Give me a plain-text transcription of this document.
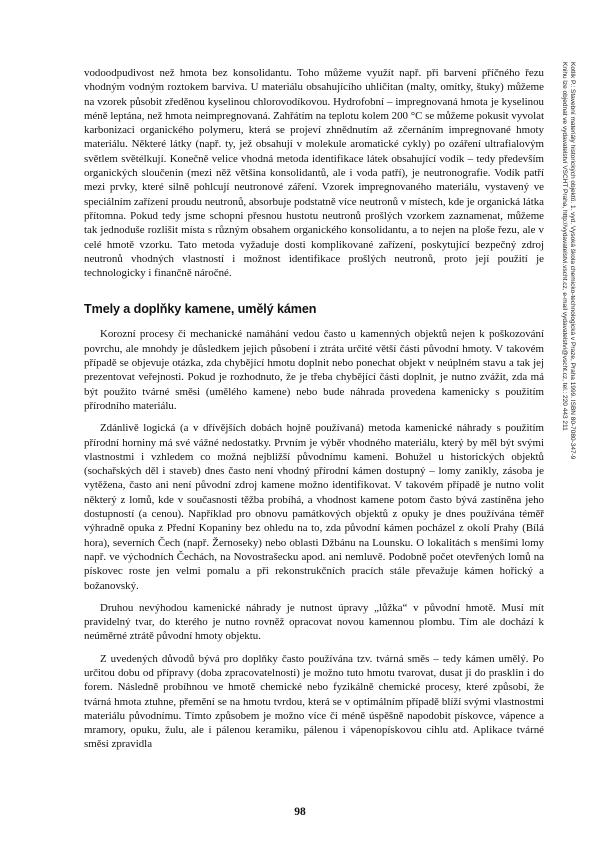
vodoodpudivost než hmota bez konsolidantu. Toho můžeme využít např. při barvení příčného řezu vhodným vodným roztokem barviva. U materiálu obsahujícího uhličitan (malty, omítky, štuky) můžeme na vzorek působit zředěnou kyselinou chlorovodíkovou. Hydrofobní – impregnovaná hmota je kyselinou méně leptána, než hmota neimpregnovaná. Zahřátím na teplotu kolem 200 °C se můžeme pokusit vyvolat karbonizaci organického polymeru, která se projeví zhnědnutím až zčernáním impregnované hmoty materiálu. Některé látky (např. ty, jež obsahují v molekule aromatické cykly) po ozáření ultrafialovým světlem světélkují. Konečně velice vhodná metoda identifikace látek obsahující vodík – tedy především organických sloučenin (mezi něž většina konsolidantů, ale i voda patří), je neutronografie. Vodík patří mezi prvky, které silně pohlcují neutronové záření. Vzorek impregnovaného materiálu, vystavený ve speciálním zařízení proudu neutronů, absorbuje podstatně více neutronů v místech, kde je organická látka přítomna. Pokud tedy jsme schopni přesnou hustotu neutronů prošlých vzorkem zaznamenat, můžeme tak jednoduše rozlišit místa s různým obsahem organického konsolidantu, a to nejen na ploše řezu, ale v celé hmotě vzorku. Tato metoda vyžaduje dosti komplikované zařízení, poskytující bezpečný zdroj neutronů vhodných vlastností i možnost identifikace prošlých neutronů, proto její použití je technologicky i finančně náročné.

Tmely a doplňky kamene, umělý kámen

Korozní procesy či mechanické namáhání vedou často u kamenných objektů nejen k poškozování povrchu, ale mnohdy je důsledkem jejich působení i ztráta určité větší části původní hmoty. V takovém případě se objevuje otázka, zda chybějící hmotu doplnit nebo ponechat objekt v neúplném stavu a tak jej prezentovat veřejnosti. Pokud je rozhodnuto, že je třeba chybějící části doplnit, je nutno zvážit, zda má být použito tvárné směsi (umělého kamene) nebo bude náhrada provedena kamenicky s použitím přírodního materiálu.

Zdánlivě logická (a v dřívějších dobách hojně používaná) metoda kamenické náhrady s použitím přírodní horniny má své vážné nedostatky. Prvním je výběr vhodného materiálu, který by měl být svými vlastnostmi i vzhledem co možná nejbližší původnímu kameni. Bohužel u historických objektů (sochařských děl i staveb) dnes často není vhodný přírodní kámen dostupný – lomy zanikly, zásoba je vytěžena, často ani není původní zdroj kamene možno identifikovat. V takovém případě je nutno volit některý z lomů, kde v současnosti těžba probíhá, a vhodnost kamene potom často bývá zastíněna jeho dostupností (a cenou). Například pro obnovu památkových objektů z opuky je dnes používána téměř výhradně opuka z Přední Kopaniny bez ohledu na to, zda původní kámen pocházel z okolí Prahy (Bílá hora), severních Čech (např. Žernoseky) nebo oblasti Džbánu na Lounsku. O lokalitách s menšími lomy např. ve východních Čechách, na Novostrašecku apod. ani nemluvě. Podobně počet otevřených lomů na pískovec roste jen velmi pomalu a při rekonstrukčních pracích stále převažuje kámen hořický a božanovský.

Druhou nevýhodou kamenické náhrady je nutnost úpravy „lůžka“ v původní hmotě. Musí mít pravidelný tvar, do kterého je nutno rovněž opracovat novou kamennou plombu. Tím ale dochází k neúměrné ztrátě původní hmoty objektu.

Z uvedených důvodů bývá pro doplňky často používána tzv. tvárná směs – tedy kámen umělý. Po určitou dobu od přípravy (doba zpracovatelnosti) je možno tuto hmotu tvarovat, dusat ji do prasklin i do forem. Následně probíhnou ve hmotě chemické nebo fyzikálně chemické procesy, které způsobí, že tvárná hmota ztuhne, přemění se na hmotu tvrdou, která se v optimálním případě blíží svými vlastnostmi materiálu původnímu. Tímto způsobem je možno více či méně úspěšně napodobit pískovce, vápence a mramory, opuku, žulu, ale i pálenou keramiku, pálenou i vápenopískovou cihlu atd. Aplikace tvárné směsi zpravidla

98
Kotlík P.: Stavební materiály historických objektů. 1. vyd. Vysoká škola chemicko-technologická v Praze, Praha 1999. ISBN 80-7080-347-9
Knihu lze objednat ve vydavatelství VŠCHT Praha, http://vydavatelstvi.vscht.cz, e-mail vydavatelstvi@vscht.cz, tel.: 220 443 211
